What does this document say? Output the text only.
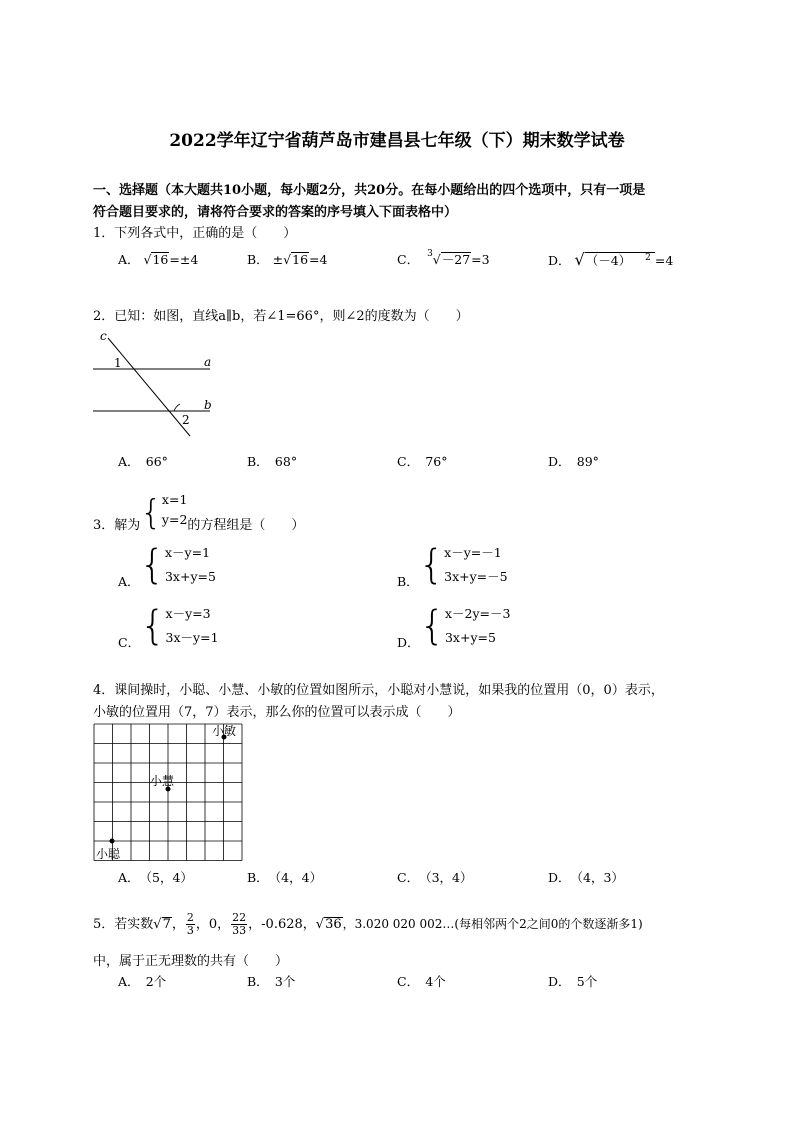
2022学年辽宁省葫芦岛市建昌县七年级（下）期末数学试卷
一、选择题（本大题共10小题，每小题2分，共20分。在每小题给出的四个选项中，只有一项是
符合题目要求的，请将符合要求的答案的序号填入下面表格中）
1．下列各式中，正确的是（　　）
A． √16=±4	B． ±√16=4	C． $^3$√－27=3	D． √（－4） $^2$ =4
2．已知：如图，直线a∥b，若∠1=66°，则∠2的度数为（　　）
c
a
b
1
2
A．　66°	B．　68°	C．　76°	D．　89°
3．解为{ x=1
y=2 的方程组是（　　）
A．{ x－y=1
3x+y=5	B．{ x－y=－1
3x+y=－5
C．{ x－y=3
3x－y=1	D．{ x－2y=－3
3x+y=5
4．课间操时，小聪、小慧、小敏的位置如图所示，小聪对小慧说，如果我的位置用（0，0）表示，
小敏的位置用（7，7）表示，那么你的位置可以表示成（　　）
小聪
小敏
小慧
A．　（5，4）	B．　（4，4）	C．　（3，4）	D．　（4，3）
5．若实数√7， $\frac{2}{3}$ ，0， $\frac{22}{33}$ ，-0.628，√36，3.020 020 002…(每相邻两个2之间0的个数逐渐多1)
中，属于正无理数的共有（　　）
A．　2个	B．　3个	C．　4个	D．　5个
